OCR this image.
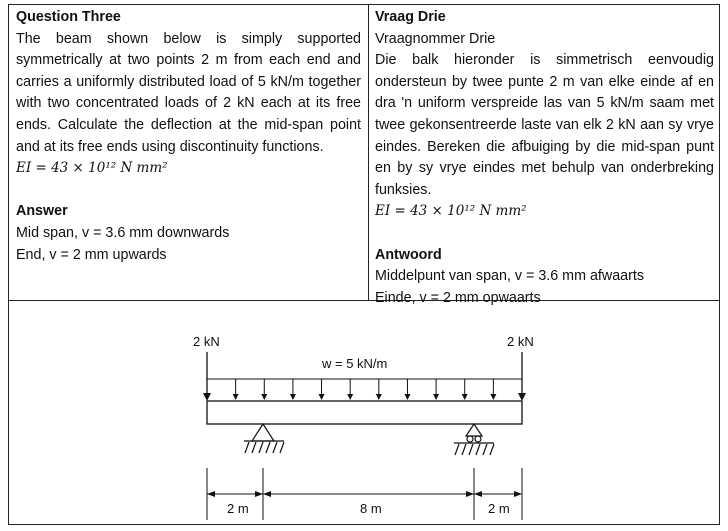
Question Three

The beam shown below is simply supported symmetrically at two points 2 m from each end and carries a uniformly distributed load of 5 kN/m together with two concentrated loads of 2 kN each at its free ends. Calculate the deflection at the mid-span point and at its free ends using discontinuity functions.

EI = 43 × 10¹² N mm²

Answer

Mid span, v = 3.6 mm downwards

End, v = 2 mm upwards

Vraag Drie

Vraagnommer Drie

Die balk hieronder is simmetrisch eenvoudig ondersteun by twee punte 2 m van elke einde af en dra 'n uniform verspreide las van 5 kN/m saam met twee gekonsentreerde laste van elk 2 kN aan sy vrye eindes. Bereken die afbuiging by die mid-span punt en by sy vrye eindes met behulp van onderbreking funksies.

EI = 43 × 10¹² N mm²

Antwoord

Middelpunt van span, v = 3.6 mm afwaarts

Einde, v = 2 mm opwaarts

2 kN	2 kN
w = 5 kN/m
2 m	8 m	2 m
